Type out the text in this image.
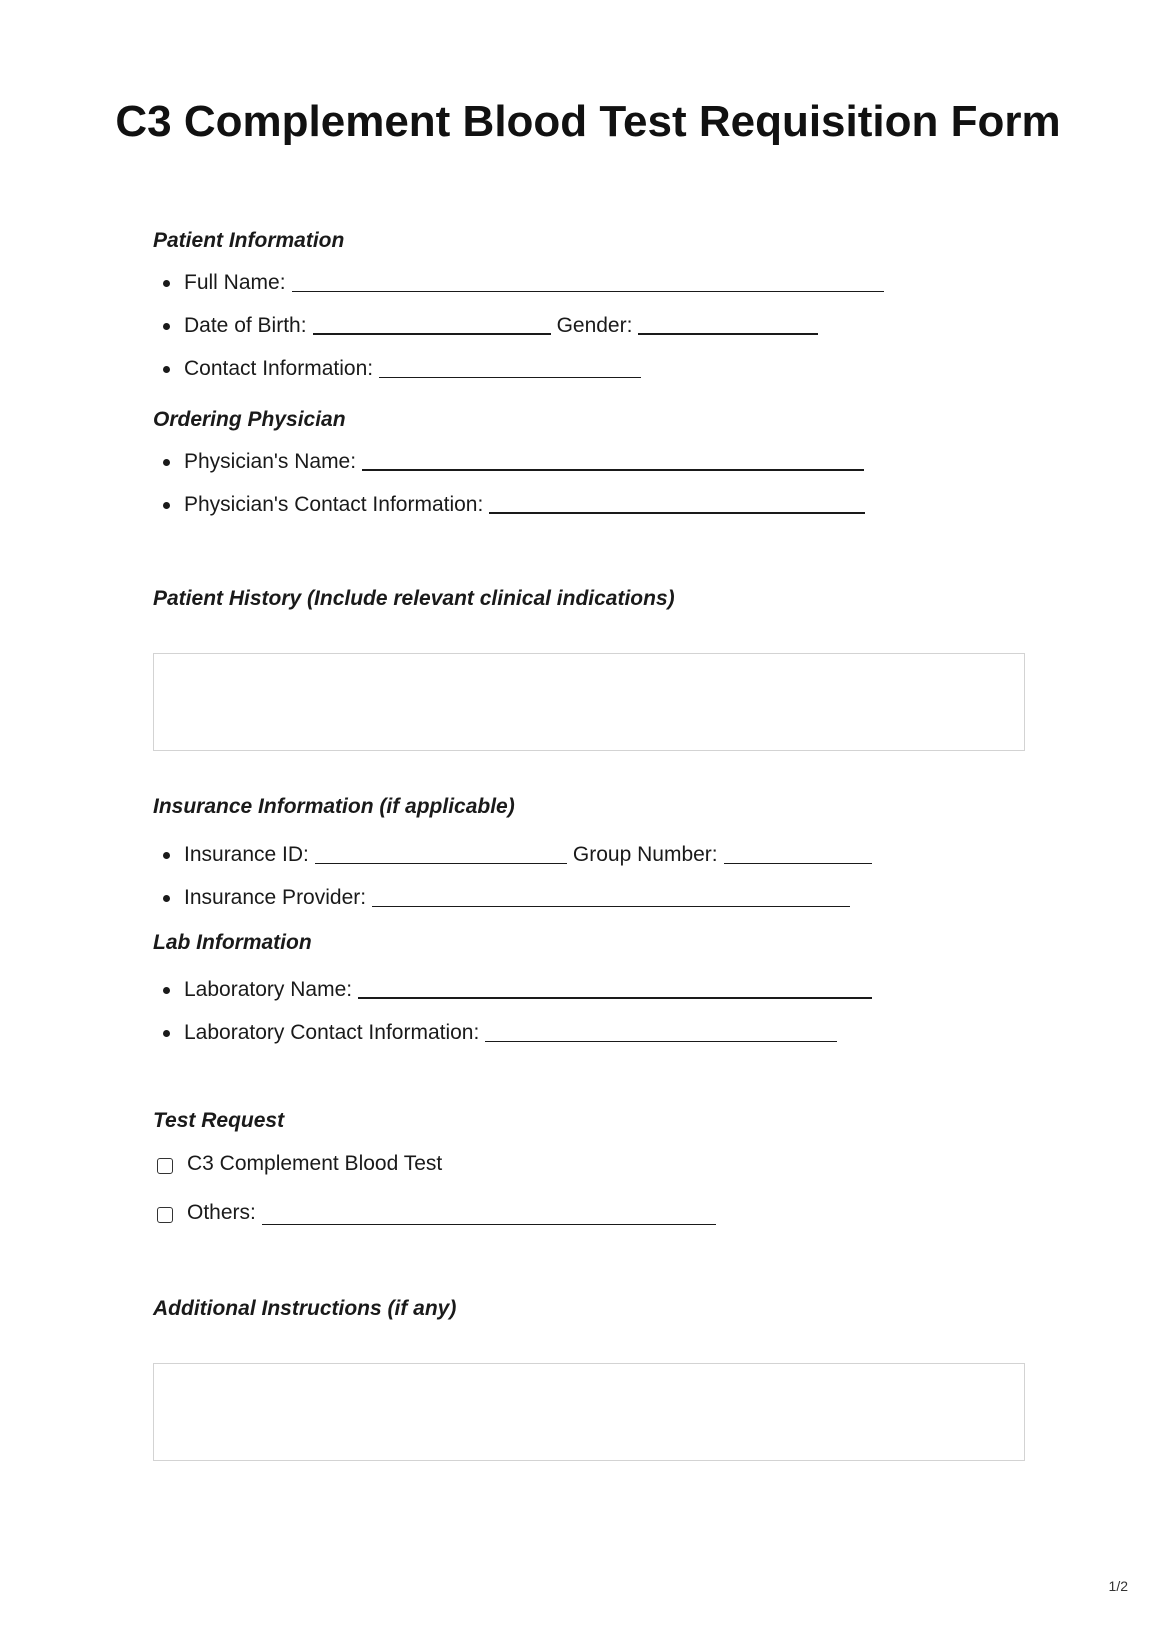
C3 Complement Blood Test Requisition Form
Patient Information
Full Name:
Date of Birth:	Gender:
Contact Information:
Ordering Physician
Physician's Name:
Physician's Contact Information:
Patient History (Include relevant clinical indications)
Insurance Information (if applicable)
Insurance ID:	Group Number:
Insurance Provider:
Lab Information
Laboratory Name:
Laboratory Contact Information:
Test Request
C3 Complement Blood Test
Others:
Additional Instructions (if any)
1/2
